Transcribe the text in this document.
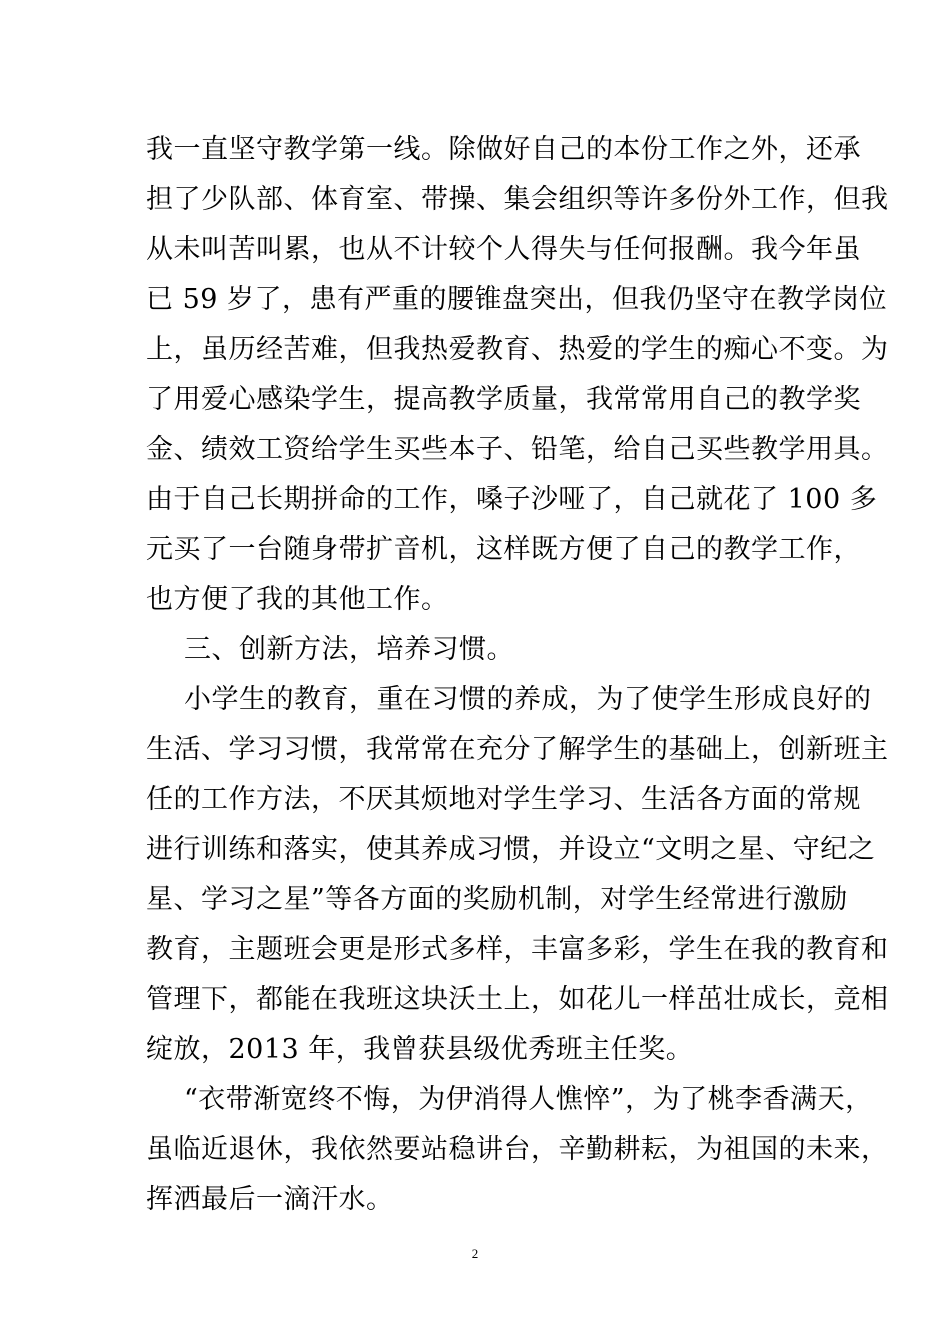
我一直坚守教学第一线。除做好自己的本份工作之外，还承
担了少队部、体育室、带操、集会组织等许多份外工作，但我
从未叫苦叫累，也从不计较个人得失与任何报酬。我今年虽
已 59 岁了，患有严重的腰锥盘突出，但我仍坚守在教学岗位
上，虽历经苦难，但我热爱教育、热爱的学生的痴心不变。为
了用爱心感染学生，提高教学质量，我常常用自己的教学奖
金、绩效工资给学生买些本子、铅笔，给自己买些教学用具。
由于自己长期拼命的工作，嗓子沙哑了，自己就花了 100 多
元买了一台随身带扩音机，这样既方便了自己的教学工作，
也方便了我的其他工作。
三、创新方法，培养习惯。
小学生的教育，重在习惯的养成，为了使学生形成良好的
生活、学习习惯，我常常在充分了解学生的基础上，创新班主
任的工作方法，不厌其烦地对学生学习、生活各方面的常规
进行训练和落实，使其养成习惯，并设立“文明之星、守纪之
星、学习之星”等各方面的奖励机制，对学生经常进行激励
教育，主题班会更是形式多样，丰富多彩，学生在我的教育和
管理下，都能在我班这块沃土上，如花儿一样茁壮成长，竞相
绽放，2013 年，我曾获县级优秀班主任奖。
“衣带渐宽终不悔，为伊消得人憔悴”，为了桃李香满天，
虽临近退休，我依然要站稳讲台，辛勤耕耘，为祖国的未来，
挥洒最后一滴汗水。
2
